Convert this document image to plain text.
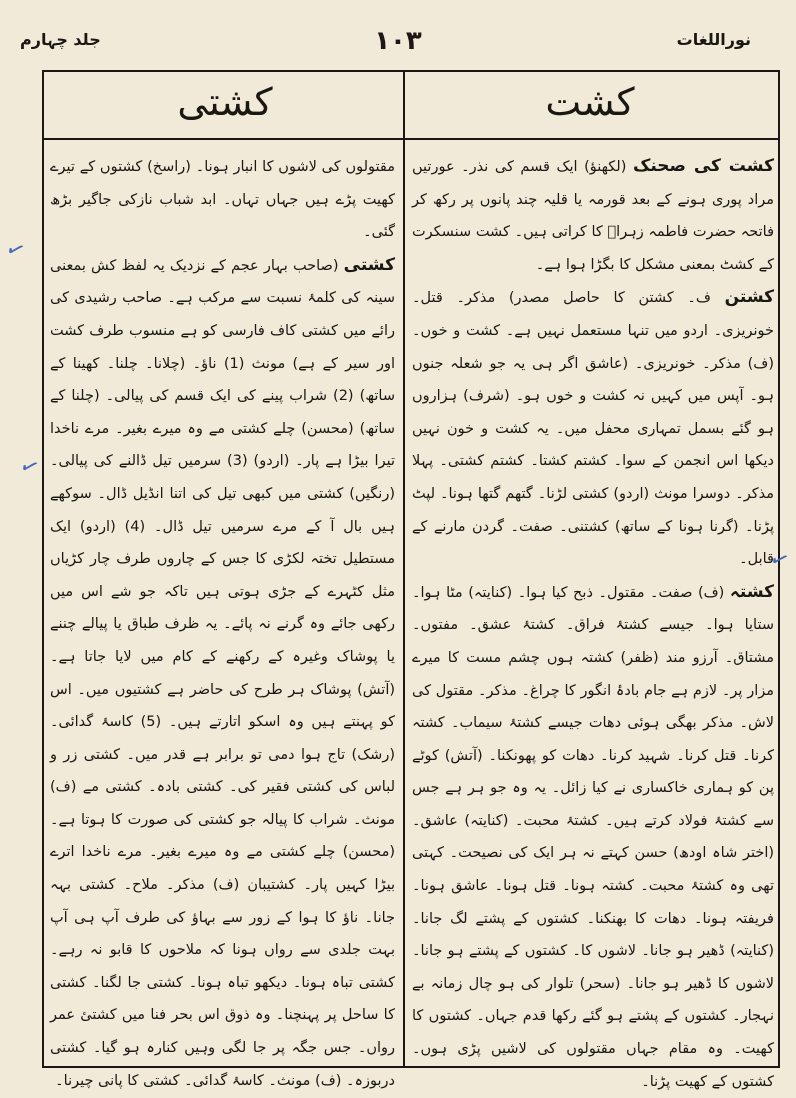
نوراللغات
١٠٣
جلد چہارم
کشت
کشتی

کشت کی صحنک (لکھنؤ) ایک قسم کی نذر۔ عورتیں مراد پوری ہونے کے بعد قورمہ یا قلیہ چند پانوں پر رکھ کر فاتحہ حضرت فاطمہ زہراؑ کا کراتی ہیں۔ کشت سنسکرت کے کشٹ بمعنی مشکل کا بگڑا ہوا ہے۔

کشتن ف۔ کشتن کا حاصل مصدر) مذکر۔ قتل۔ خونریزی۔ اردو میں تنہا مستعمل نہیں ہے۔ کشت و خوں۔ (ف) مذکر۔ خونریزی۔ (عاشق اگر ہی یہ جو شعلہ جنوں ہو۔ آپس میں کہیں نہ کشت و خوں ہو۔ (شرف) ہزاروں ہو گئے بسمل تمہاری محفل میں۔ یہ کشت و خون نہیں دیکھا اس انجمن کے سوا۔ کشتم کشتا۔ کشتم کشتی۔ پہلا مذکر۔ دوسرا مونث (اردو) کشتی لڑنا۔ گتھم گتھا ہونا۔ لپٹ پڑنا۔ (گرنا ہونا کے ساتھ) کشتنی۔ صفت۔ گردن مارنے کے قابل۔

کشتہ (ف) صفت۔ مقتول۔ ذبح کیا ہوا۔ (کنایتہ) مٹا ہوا۔ ستایا ہوا۔ جیسے کشتۂ فراق۔ کشتۂ عشق۔ مفتوں۔ مشتاق۔ آرزو مند (ظفر) کشتہ ہوں چشم مست کا میرے مزار پر۔ لازم ہے جام بادۂ انگور کا چراغ۔ مذکر۔ مقتول کی لاش۔ مذکر بھگی ہوئی دھات جیسے کشتۂ سیماب۔ کشتہ کرنا۔ قتل کرنا۔ شہید کرنا۔ دھات کو پھونکنا۔ (آتش) کوٹے پن کو ہماری خاکساری نے کیا زائل۔ یہ وہ جو ہر ہے جس سے کشتۂ فولاد کرتے ہیں۔ کشتۂ محبت۔ (کنایتہ) عاشق۔ (اختر شاہ اودھ) حسن کہتے نہ ہر ایک کی نصیحت۔ کہتی تھی وہ کشتۂ محبت۔ کشتہ ہونا۔ قتل ہونا۔ عاشق ہونا۔ فریفتہ ہونا۔ دھات کا بھنکنا۔ کشتوں کے پشتے لگ جانا۔ (کنایتہ) ڈھیر ہو جانا۔ لاشوں کا۔ کشتوں کے پشتے ہو جانا۔ لاشوں کا ڈھیر ہو جانا۔ (سحر) تلوار کی ہو چال زمانہ بے نہجار۔ کشتوں کے پشتے ہو گئے رکھا قدم جہاں۔ کشتوں کا کھیت۔ وہ مقام جہاں مقتولوں کی لاشیں پڑی ہوں۔ کشتوں کے کھیت پڑنا۔

مقتولوں کی لاشوں کا انبار ہونا۔ (راسخ) کشتوں کے تیرے کھیت پڑے ہیں جہاں تہاں۔ ابد شباب نازکی جاگیر بڑھ گئی۔

کشتی (صاحب بہار عجم کے نزدیک یہ لفظ کش بمعنی سینہ کی کلمۂ نسبت سے مرکب ہے۔ صاحب رشیدی کی رائے میں کشتی کاف فارسی کو ہے منسوب طرف کشت اور سیر کے ہے) مونث (1) ناؤ۔ (چلانا۔ چلنا۔ کھینا کے ساتھ) (2) شراب پینے کی ایک قسم کی پیالی۔ (چلنا کے ساتھ) (محسن) چلے کشتی مے وہ میرے بغیر۔ مرے ناخدا تیرا بیڑا ہے پار۔ (اردو) (3) سرمیں تیل ڈالنے کی پیالی۔ (رنگیں) کشتی میں کبھی تیل کی اتنا انڈیل ڈال۔ سوکھے ہیں بال آ کے مرے سرمیں تیل ڈال۔ (4) (اردو) ایک مستطیل تختہ لکڑی کا جس کے چاروں طرف چار کڑیاں مثل کٹہرے کے جڑی ہوتی ہیں تاکہ جو شے اس میں رکھی جائے وہ گرنے نہ پائے۔ یہ ظرف طباق یا پیالے چننے یا پوشاک وغیرہ کے رکھنے کے کام میں لایا جاتا ہے۔ (آتش) پوشاک ہر طرح کی حاضر ہے کشتیوں میں۔ اس کو پہنتے ہیں وہ اسکو اتارتے ہیں۔ (5) کاسۂ گدائی۔ (رشک) تاج ہوا دمی تو برابر ہے قدر میں۔ کشتی زر و لباس کی کشتی فقیر کی۔ کشتی بادہ۔ کشتی مے (ف) مونث۔ شراب کا پیالہ جو کشتی کی صورت کا ہوتا ہے۔ (محسن) چلے کشتی مے وہ میرے بغیر۔ مرے ناخدا اترے بیڑا کہیں پار۔ کشتیبان (ف) مذکر۔ ملاح۔ کشتی بہہ جانا۔ ناؤ کا ہوا کے زور سے بہاؤ کی طرف آپ ہی آپ بہت جلدی سے رواں ہونا کہ ملاحوں کا قابو نہ رہے۔ کشتی تباہ ہونا۔ دیکھو تباہ ہونا۔ کشتی جا لگنا۔ کشتی کا ساحل پر پہنچنا۔ وہ ذوق اس بحر فنا میں کشتیٔ عمر رواں۔ جس جگہ پر جا لگی وہیں کنارہ ہو گیا۔ کشتی دربوزہ۔ (ف) مونث۔ کاسۂ گدائی۔ کشتی کا پانی چیرنا۔

✓
✓
✓
